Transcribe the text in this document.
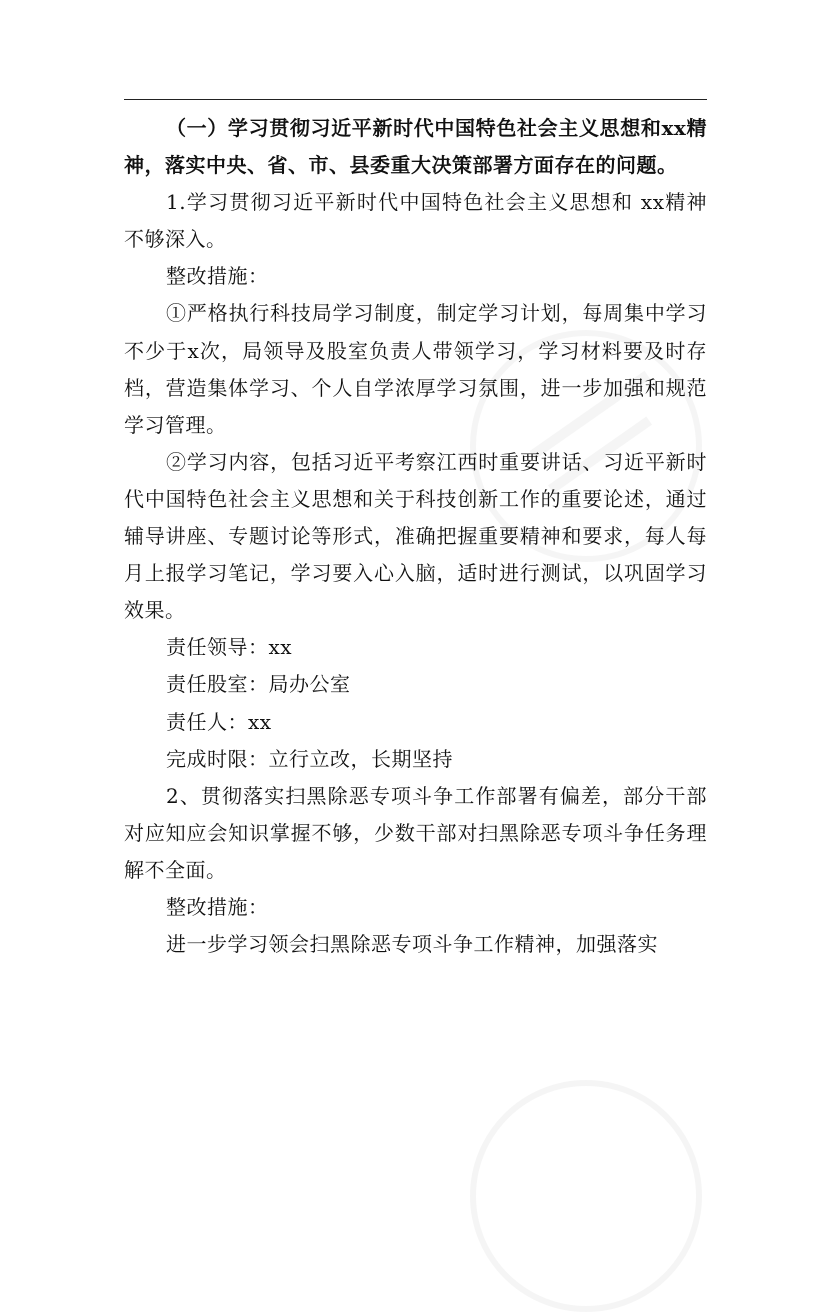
（一）学习贯彻习近平新时代中国特色社会主义思想和xx精神，落实中央、省、市、县委重大决策部署方面存在的问题。

1.学习贯彻习近平新时代中国特色社会主义思想和 xx精神不够深入。

整改措施：

①严格执行科技局学习制度，制定学习计划，每周集中学习不少于x次，局领导及股室负责人带领学习，学习材料要及时存档，营造集体学习、个人自学浓厚学习氛围，进一步加强和规范学习管理。

②学习内容，包括习近平考察江西时重要讲话、习近平新时代中国特色社会主义思想和关于科技创新工作的重要论述，通过辅导讲座、专题讨论等形式，准确把握重要精神和要求，每人每月上报学习笔记，学习要入心入脑，适时进行测试，以巩固学习效果。

责任领导：xx

责任股室：局办公室

责任人：xx

完成时限：立行立改，长期坚持

2、贯彻落实扫黑除恶专项斗争工作部署有偏差，部分干部对应知应会知识掌握不够，少数干部对扫黑除恶专项斗争任务理解不全面。

整改措施：

进一步学习领会扫黑除恶专项斗争工作精神，加强落实
